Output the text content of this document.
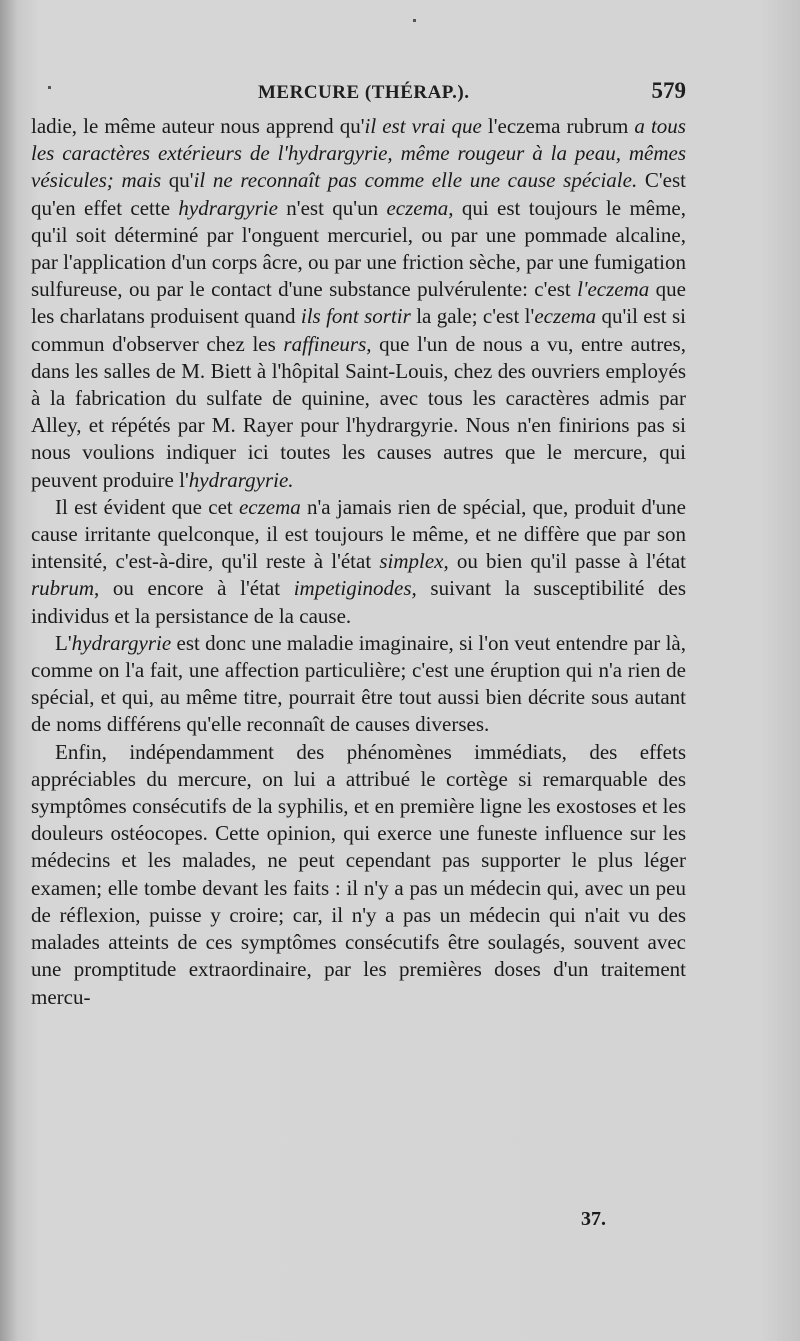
MERCURE (THÉRAP.).	579

ladie, le même auteur nous apprend qu'il est vrai que l'eczema rubrum a tous les caractères extérieurs de l'hydrargyrie, même rougeur à la peau, mêmes vésicules; mais qu'il ne reconnaît pas comme elle une cause spéciale. C'est qu'en effet cette hydrargyrie n'est qu'un eczema, qui est toujours le même, qu'il soit déterminé par l'onguent mercuriel, ou par une pommade alcaline, par l'application d'un corps âcre, ou par une friction sèche, par une fumigation sulfureuse, ou par le contact d'une substance pulvérulente: c'est l'eczema que les charlatans produisent quand ils font sortir la gale; c'est l'eczema qu'il est si commun d'observer chez les raffineurs, que l'un de nous a vu, entre autres, dans les salles de M. Biett à l'hôpital Saint-Louis, chez des ouvriers employés à la fabrication du sulfate de quinine, avec tous les caractères admis par Alley, et répétés par M. Rayer pour l'hydrargyrie. Nous n'en finirions pas si nous voulions indiquer ici toutes les causes autres que le mercure, qui peuvent produire l'hydrargyrie.

Il est évident que cet eczema n'a jamais rien de spécial, que, produit d'une cause irritante quelconque, il est toujours le même, et ne diffère que par son intensité, c'est-à-dire, qu'il reste à l'état simplex, ou bien qu'il passe à l'état rubrum, ou encore à l'état impetiginodes, suivant la susceptibilité des individus et la persistance de la cause.

L'hydrargyrie est donc une maladie imaginaire, si l'on veut entendre par là, comme on l'a fait, une affection particulière; c'est une éruption qui n'a rien de spécial, et qui, au même titre, pourrait être tout aussi bien décrite sous autant de noms différens qu'elle reconnaît de causes diverses.

Enfin, indépendamment des phénomènes immédiats, des effets appréciables du mercure, on lui a attribué le cortège si remarquable des symptômes consécutifs de la syphilis, et en première ligne les exostoses et les douleurs ostéocopes. Cette opinion, qui exerce une funeste influence sur les médecins et les malades, ne peut cependant pas supporter le plus léger examen; elle tombe devant les faits : il n'y a pas un médecin qui, avec un peu de réflexion, puisse y croire; car, il n'y a pas un médecin qui n'ait vu des malades atteints de ces symptômes consécutifs être soulagés, souvent avec une promptitude extraordinaire, par les premières doses d'un traitement mercu-

37.
